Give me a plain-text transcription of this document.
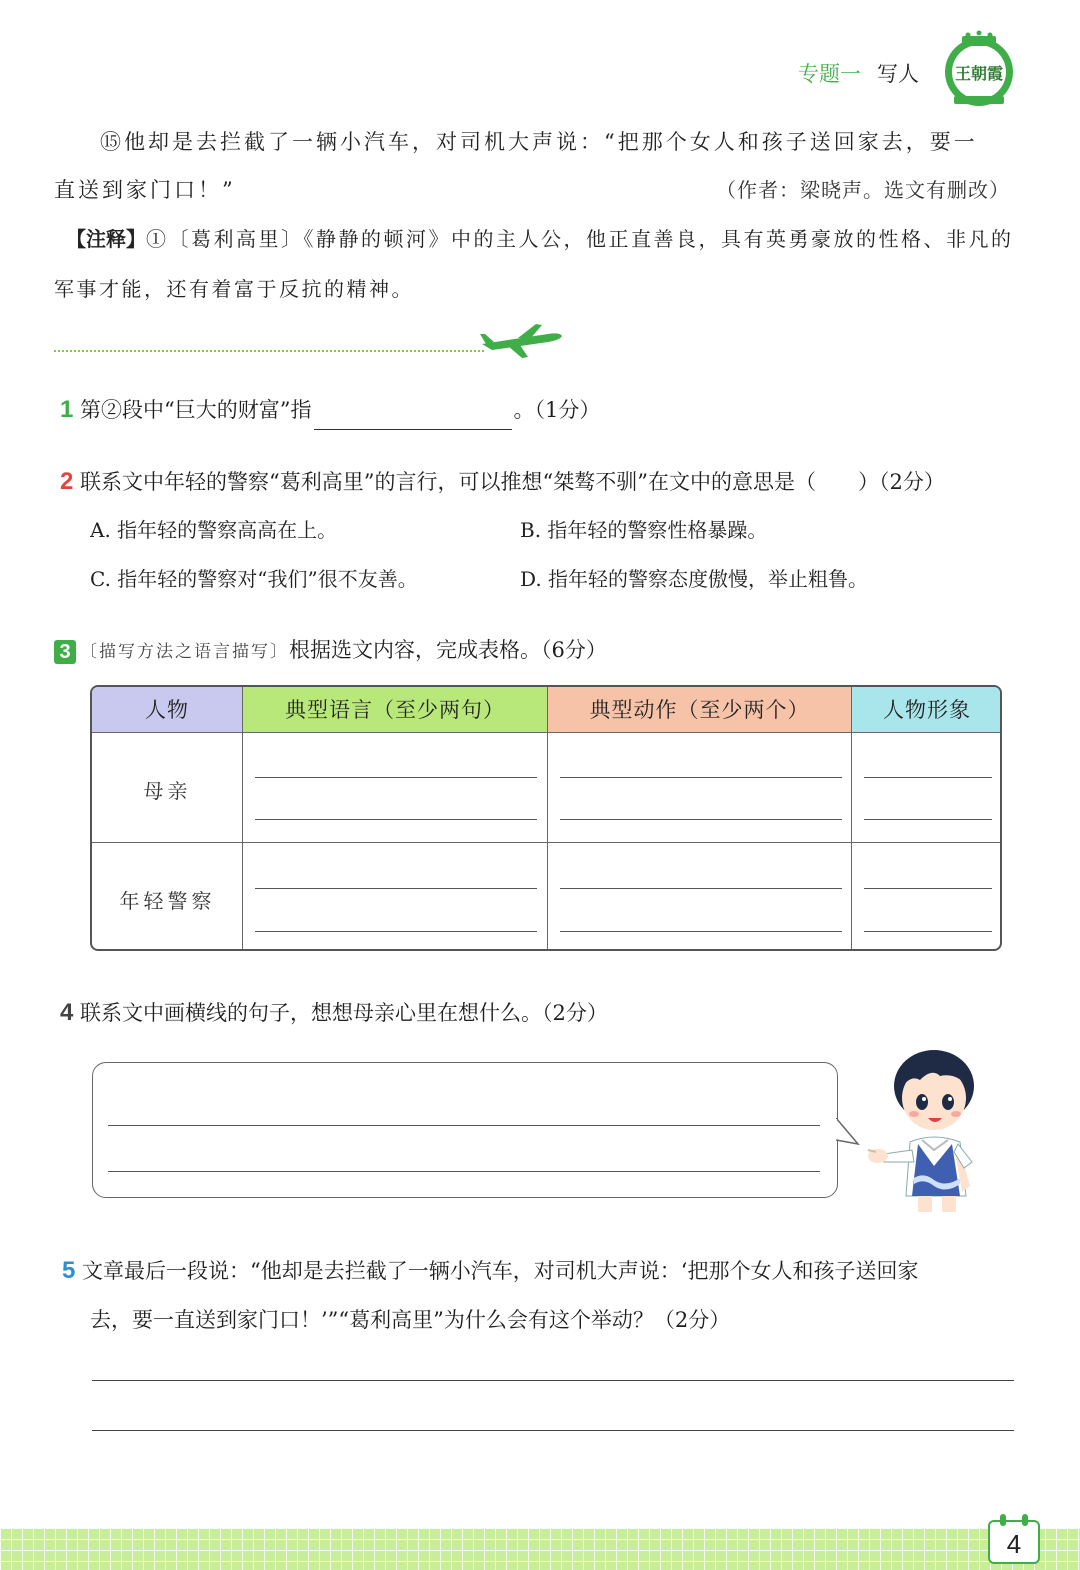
专题一 写人 王朝霞
⑮他却是去拦截了一辆小汽车，对司机大声说：“把那个女人和孩子送回家去，要一
直送到家门口！”	（作者：梁晓声。选文有删改）
【注释】①〔葛利高里〕《静静的顿河》中的主人公，他正直善良，具有英勇豪放的性格、非凡的
军事才能，还有着富于反抗的精神。
1 第②段中“巨大的财富”指	。（1分）
2 联系文中年轻的警察“葛利高里”的言行，可以推想“桀骜不驯”在文中的意思是（　　）（2分）
A. 指年轻的警察高高在上。	B. 指年轻的警察性格暴躁。
C. 指年轻的警察对“我们”很不友善。	D. 指年轻的警察态度傲慢，举止粗鲁。
3 〔描写方法之语言描写〕根据选文内容，完成表格。（6分）
人物	典型语言（至少两句）	典型动作（至少两个）	人物形象
母亲
年轻警察
4 联系文中画横线的句子，想想母亲心里在想什么。（2分）
5 文章最后一段说：“他却是去拦截了一辆小汽车，对司机大声说：‘把那个女人和孩子送回家
去，要一直送到家门口！’”“葛利高里”为什么会有这个举动？（2分）
4
